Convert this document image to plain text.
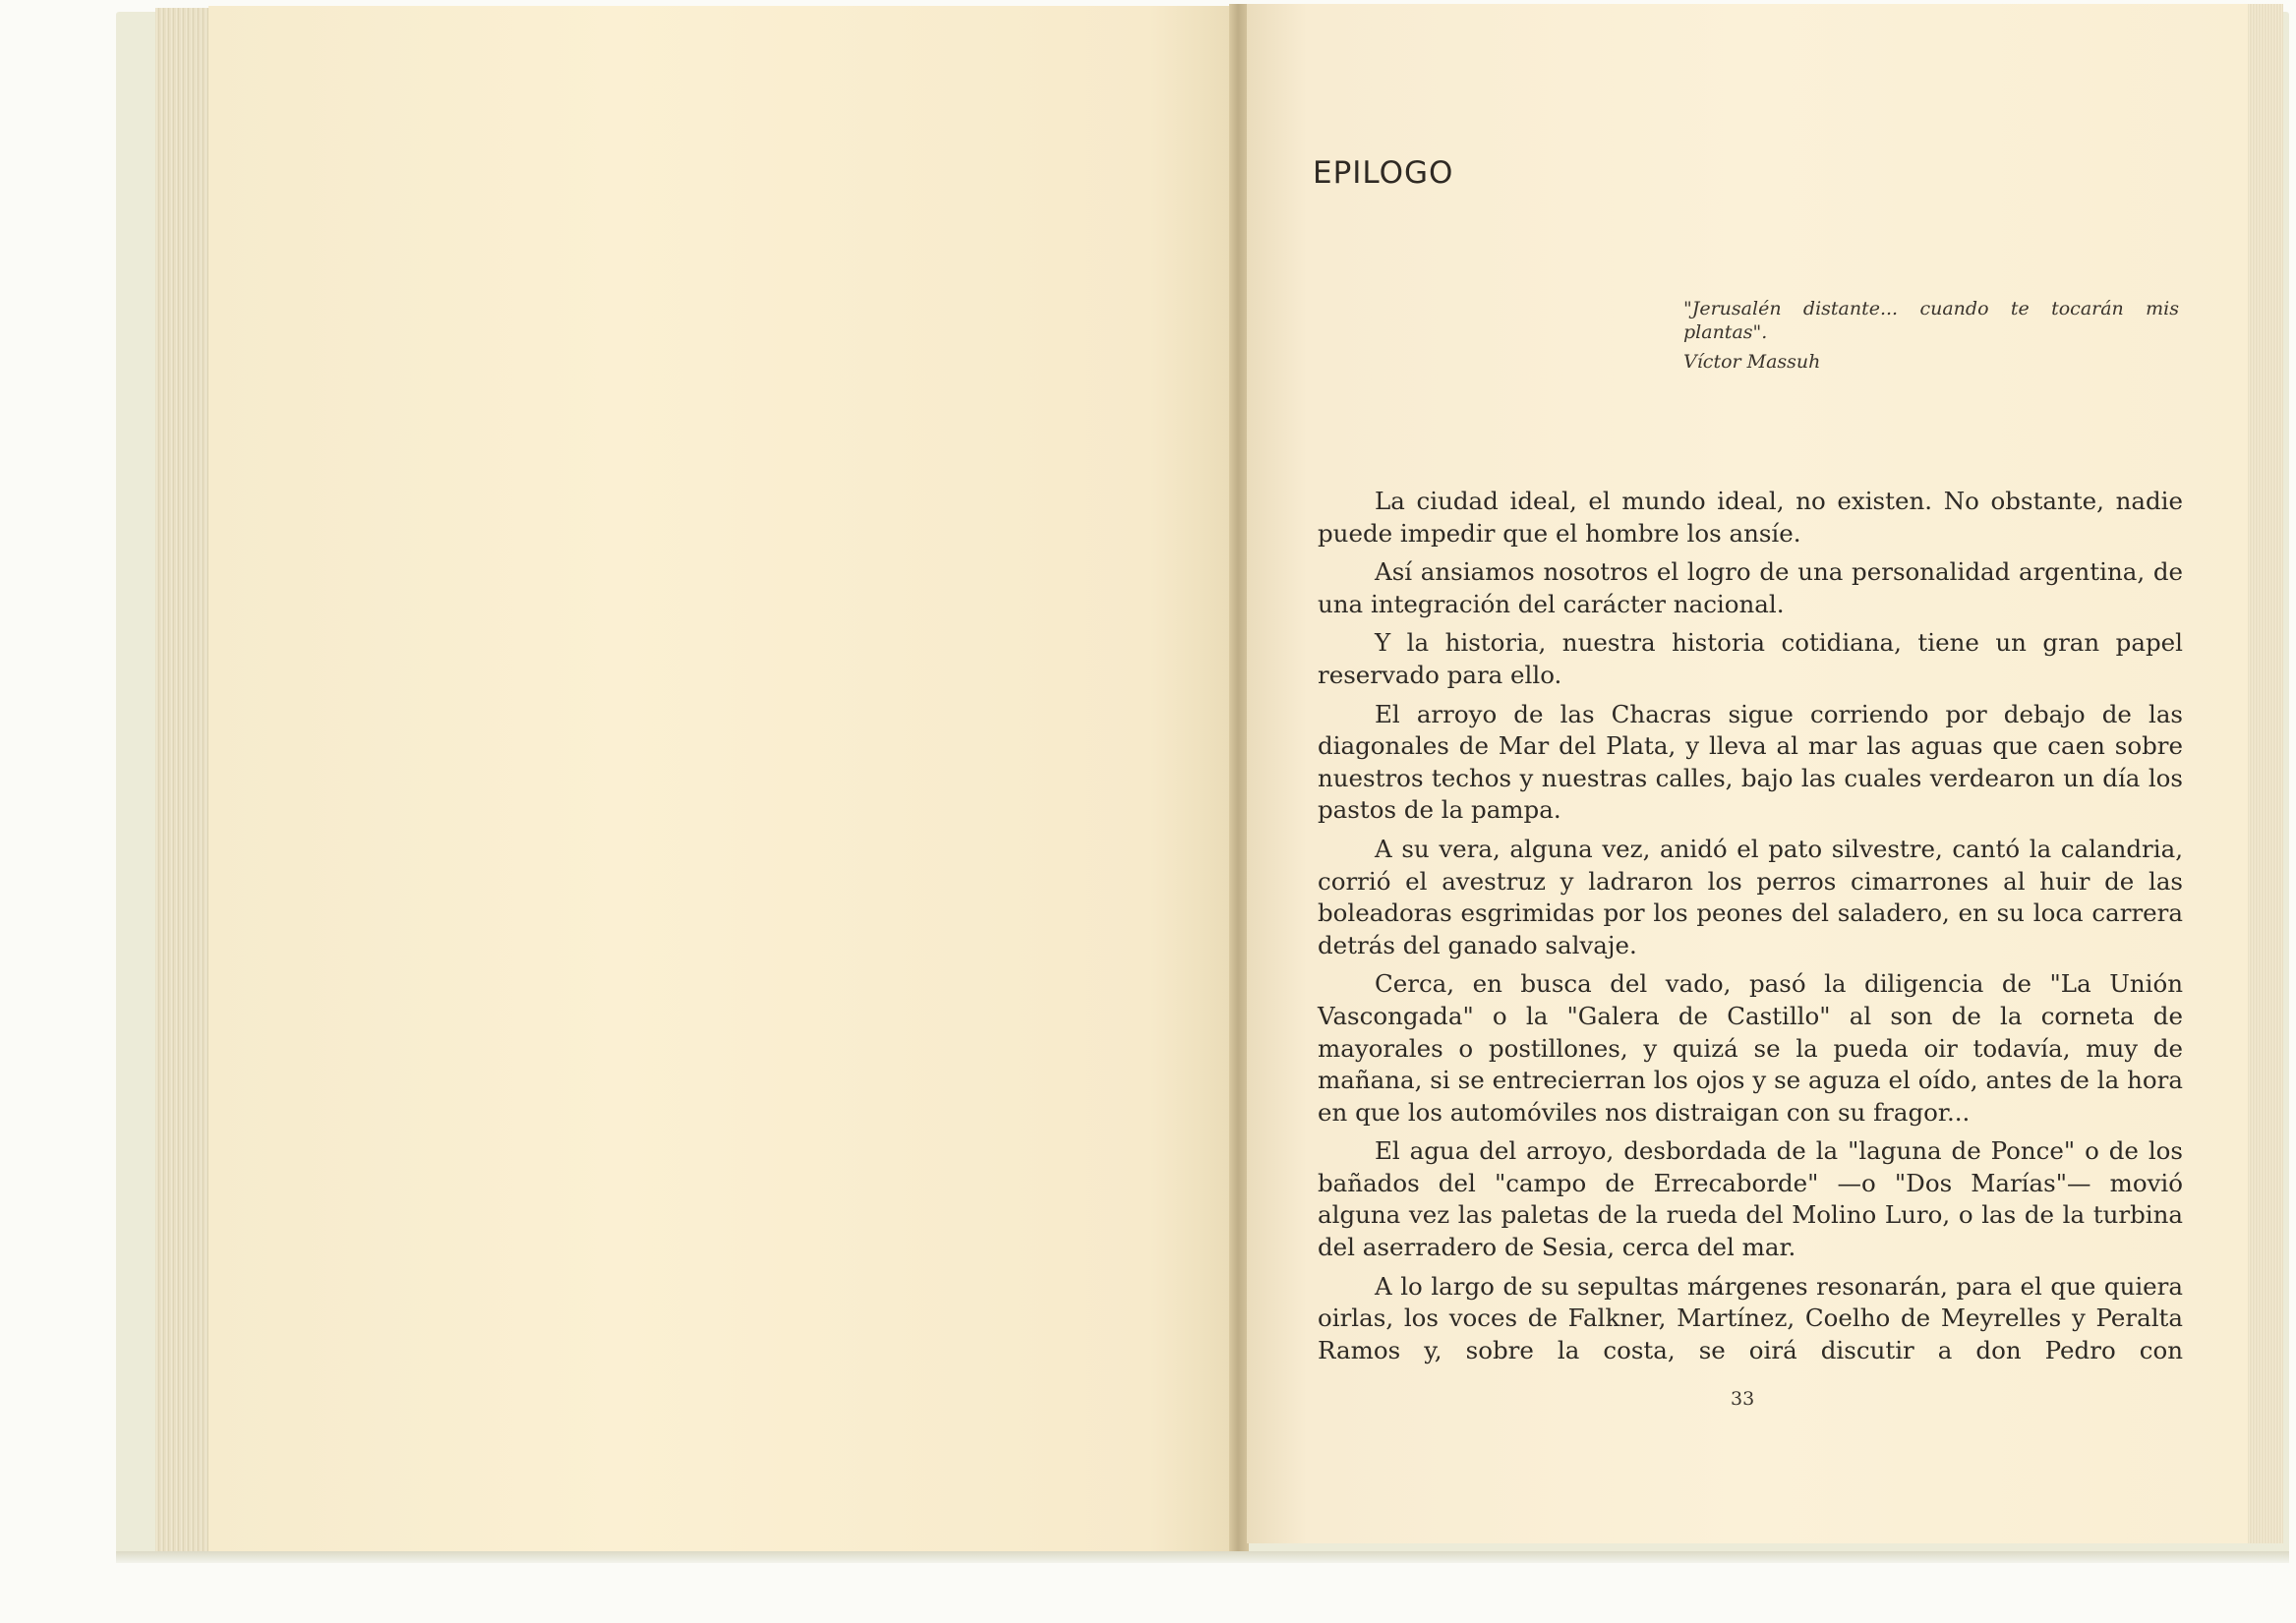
EPILOGO
"Jerusalén distante... cuando te tocarán mis plantas".
Víctor Massuh

La ciudad ideal, el mundo ideal, no existen. No obstante, nadie puede impedir que el hombre los ansíe.

Así ansiamos nosotros el logro de una personalidad argentina, de una integración del carácter nacional.

Y la historia, nuestra historia cotidiana, tiene un gran papel reservado para ello.

El arroyo de las Chacras sigue corriendo por debajo de las diagonales de Mar del Plata, y lleva al mar las aguas que caen sobre nuestros techos y nuestras calles, bajo las cuales verdearon un día los pastos de la pampa.

A su vera, alguna vez, anidó el pato silvestre, cantó la calandria, corrió el avestruz y ladraron los perros cimarrones al huir de las boleadoras esgrimidas por los peones del saladero, en su loca carrera detrás del ganado salvaje.

Cerca, en busca del vado, pasó la diligencia de "La Unión Vascongada" o la "Galera de Castillo" al son de la corneta de mayorales o postillones, y quizá se la pueda oir todavía, muy de mañana, si se entrecierran los ojos y se aguza el oído, antes de la hora en que los automóviles nos distraigan con su fragor...

El agua del arroyo, desbordada de la "laguna de Ponce" o de los bañados del "campo de Errecaborde" —o "Dos Marías"— movió alguna vez las paletas de la rueda del Molino Luro, o las de la turbina del aserradero de Sesia, cerca del mar.

A lo largo de su sepultas márgenes resonarán, para el que quiera oirlas, los voces de Falkner, Martínez, Coelho de Meyrelles y Peralta Ramos y, sobre la costa, se oirá discutir a don Pedro con

33
